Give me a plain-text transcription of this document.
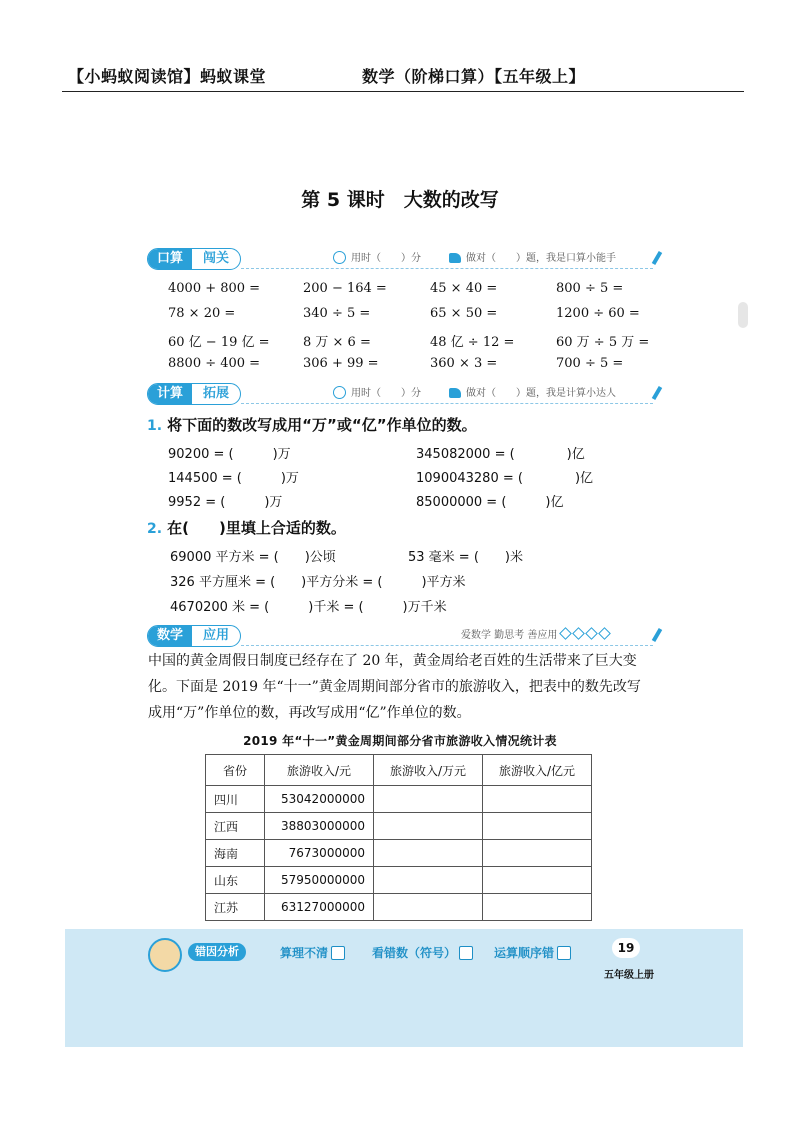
【小蚂蚁阅读馆】蚂蚁课堂	数学（阶梯口算）【五年级上】
第 5 课时　大数的改写
口算	闯关	用时（　　）分	做对（　　）题，我是口算小能手
4000 + 800 =	200 − 164 =	45 × 40 =	800 ÷ 5 =
78 × 20 =	340 ÷ 5 =	65 × 50 =	1200 ÷ 60 =
60 亿 − 19 亿 =	8 万 × 6 =	48 亿 ÷ 12 =	60 万 ÷ 5 万 =
8800 ÷ 400 =	306 + 99 =	360 × 3 =	700 ÷ 5 =
计算	拓展	用时（　　）分	做对（　　）题，我是计算小达人
1. 将下面的数改写成用“万”或“亿”作单位的数。
90200 = (　　　)万	345082000 = (　　　　)亿
144500 = (　　　)万	1090043280 = (　　　　)亿
9952 = (　　　)万	85000000 = (　　　)亿
2. 在(　　)里填上合适的数。
69000 平方米 = (　　)公顷	53 毫米 = (　　)米
326 平方厘米 = (　　)平方分米 = (　　　)平方米
4670200 米 = (　　　)千米 = (　　　)万千米
数学	应用	爱数学 勤思考 善应用
中国的黄金周假日制度已经存在了 20 年，黄金周给老百姓的生活带来了巨大变
化。下面是 2019 年“十一”黄金周期间部分省市的旅游收入，把表中的数先改写
成用“万”作单位的数，再改写成用“亿”作单位的数。
2019 年“十一”黄金周期间部分省市旅游收入情况统计表
省份	旅游收入/元	旅游收入/万元	旅游收入/亿元
四川	53042000000		
江西	38803000000		
海南	7673000000		
山东	57950000000		
江苏	63127000000		
错因分析	算理不清	看错数（符号）	运算顺序错	19
五年级上册
